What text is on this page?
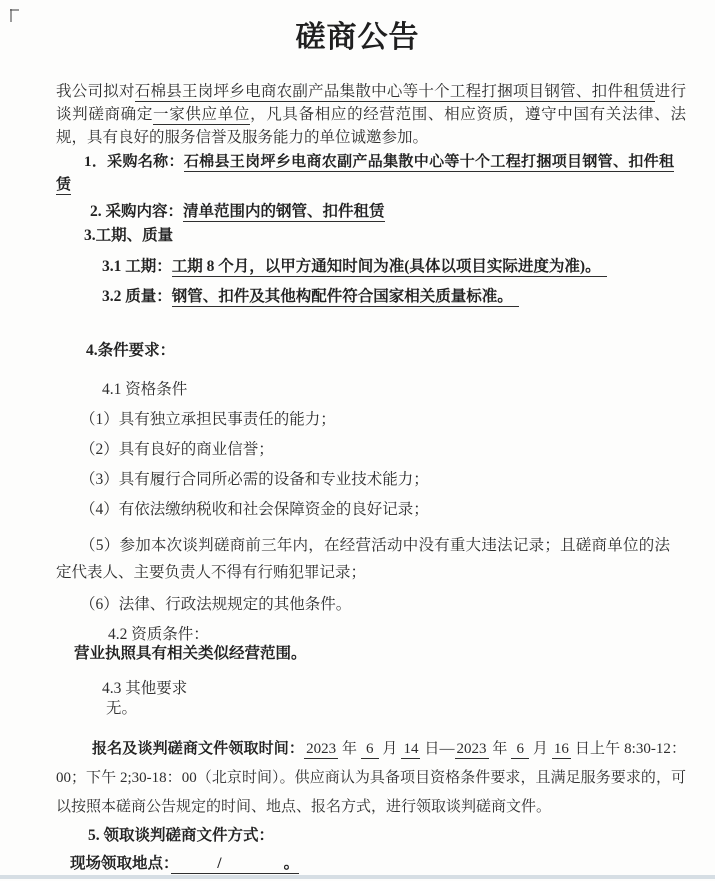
磋商公告

我公司拟对石棉县王岗坪乡电商农副产品集散中心等十个工程打捆项目钢管、扣件租赁进行谈判磋商确定一家供应单位，凡具备相应的经营范围、相应资质，遵守中国有关法律、法规，具有良好的服务信誉及服务能力的单位诚邀参加。

1．采购名称：石棉县王岗坪乡电商农副产品集散中心等十个工程打捆项目钢管、扣件租赁

2. 采购内容：清单范围内的钢管、扣件租赁

3.工期、质量

3.1 工期：工期 8 个月，以甲方通知时间为准(具体以项目实际进度为准)。

3.2 质量：钢管、扣件及其他构配件符合国家相关质量标准。

4.条件要求：

4.1 资格条件

（1）具有独立承担民事责任的能力；

（2）具有良好的商业信誉；

（3）具有履行合同所必需的设备和专业技术能力；

（4）有依法缴纳税收和社会保障资金的良好记录；

（5）参加本次谈判磋商前三年内，在经营活动中没有重大违法记录；且磋商单位的法定代表人、主要负责人不得有行贿犯罪记录；

（6）法律、行政法规规定的其他条件。

4.2 资质条件：

营业执照具有相关类似经营范围。

4.3 其他要求

无。

报名及谈判磋商文件领取时间： 2023 年 6 月 14 日— 2023 年 6 月 16 日上午 8:30-12：00；下午 2;30-18：00（北京时间）。供应商认为具备项目资格条件要求，且满足服务要求的，可以按照本磋商公告规定的时间、地点、报名方式，进行领取谈判磋商文件。

5. 领取谈判磋商文件方式：

现场领取地点：　　　/　　　　。
